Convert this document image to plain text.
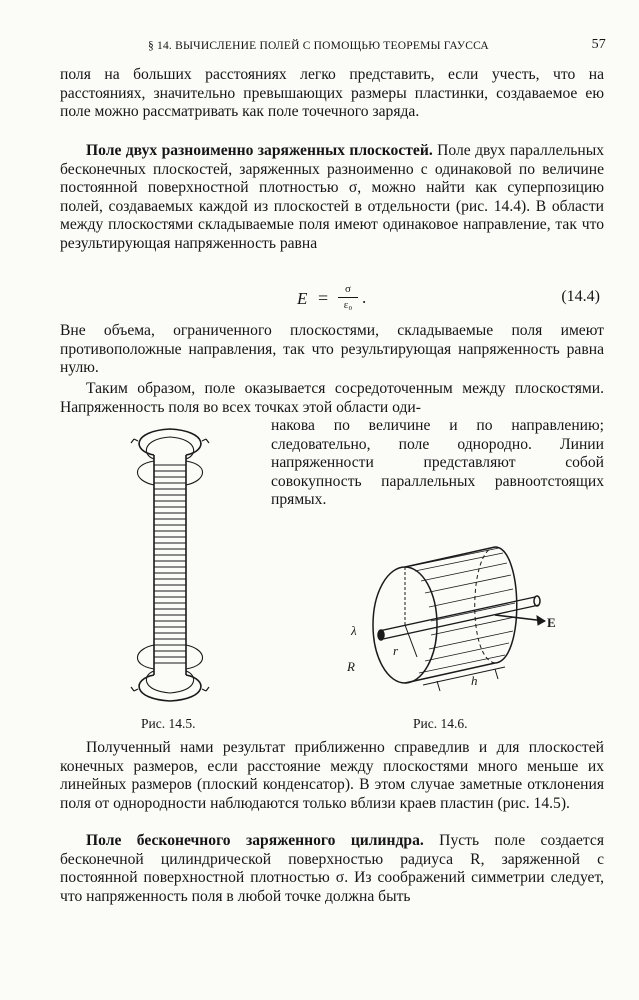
§ 14. ВЫЧИСЛЕНИЕ ПОЛЕЙ С ПОМОЩЬЮ ТЕОРЕМЫ ГАУССА	57

поля на больших расстояниях легко представить, если учесть, что на расстояниях, значительно превышающих размеры пластинки, создаваемое ею поле можно рассматривать как поле точечного заряда.

Поле двух разноименно заряженных плоскостей. Поле двух параллельных бесконечных плоскостей, заряженных разноименно с одинаковой по величине постоянной поверхностной плотностью σ, можно найти как суперпозицию полей, создаваемых каждой из плоскостей в отдельности (рис. 14.4). В области между плоскостями складываемые поля имеют одинаковое направление, так что результирующая напряженность равна

E =	σ
ε₀ .	(14.4)

Вне объема, ограниченного плоскостями, складываемые поля имеют противоположные направления, так что результирующая напряженность равна нулю.

Таким образом, поле оказывается сосредоточенным между плоскостями. Напряженность поля во всех точках этой области оди-

накова по величине и по направлению; следовательно, поле однородно. Линии напряженности представляют собой совокупность параллельных равноотстоящих прямых.

Рис. 14.5.
λ
R
r
h
E
Рис. 14.6.

Полученный нами результат приближенно справедлив и для плоскостей конечных размеров, если расстояние между плоскостями много меньше их линейных размеров (плоский конденсатор). В этом случае заметные отклонения поля от однородности наблюдаются только вблизи краев пластин (рис. 14.5).

Поле бесконечного заряженного цилиндра. Пусть поле создается бесконечной цилиндрической поверхностью радиуса R, заряженной с постоянной поверхностной плотностью σ. Из соображений симметрии следует, что напряженность поля в любой точке должна быть
